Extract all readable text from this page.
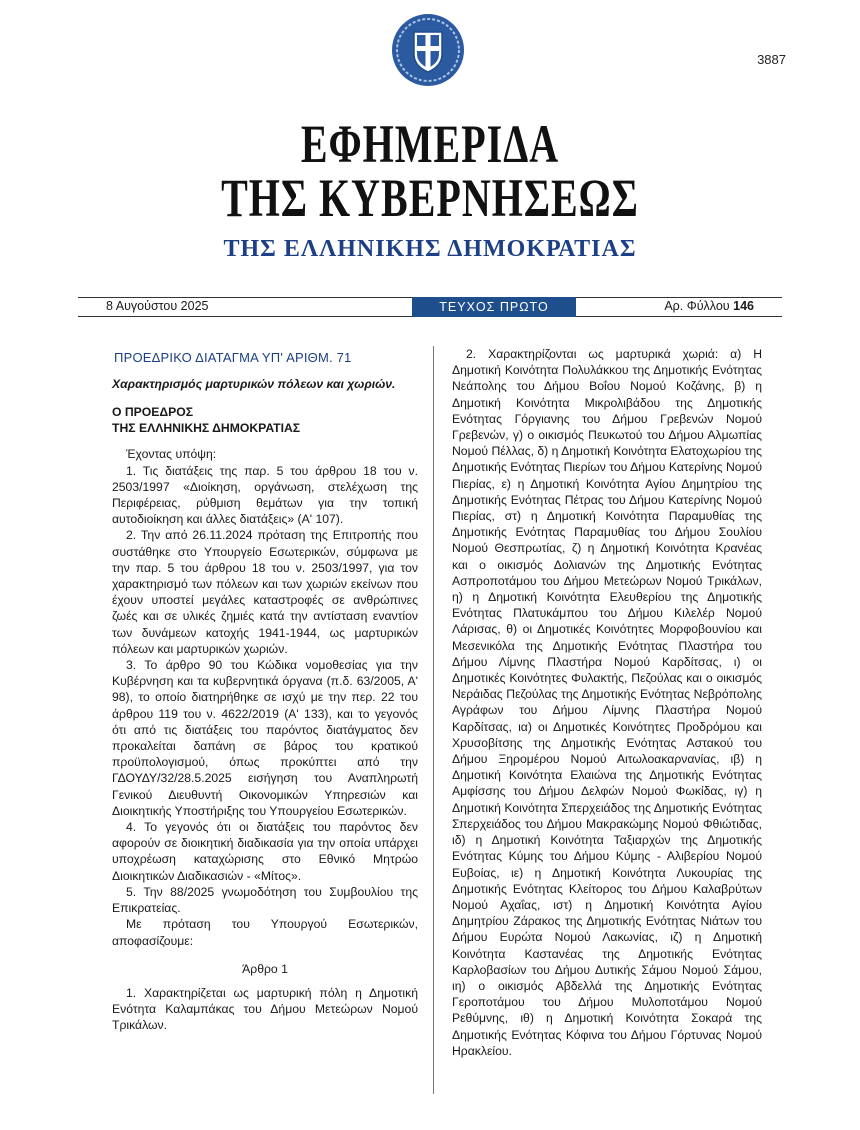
3887
ΕΦΗΜΕΡΙΔΑ
ΤΗΣ ΚΥΒΕΡΝΗΣΕΩΣ
ΤΗΣ ΕΛΛΗΝΙΚΗΣ ΔΗΜΟΚΡΑΤΙΑΣ
8 Αυγούστου 2025	ΤΕΥΧΟΣ ΠΡΩΤΟ	Αρ. Φύλλου 146
ΠΡΟΕΔΡΙΚΟ ΔΙΑΤΑΓΜΑ ΥΠ' ΑΡΙΘΜ. 71
Χαρακτηρισμός μαρτυρικών πόλεων και χωριών.
Ο ΠΡΟΕΔΡΟΣ
ΤΗΣ ΕΛΛΗΝΙΚΗΣ ΔΗΜΟΚΡΑΤΙΑΣ

Έχοντας υπόψη:

1. Τις διατάξεις της παρ. 5 του άρθρου 18 του ν. 2503/1997 «Διοίκηση, οργάνωση, στελέχωση της Περιφέρειας, ρύθμιση θεμάτων για την τοπική αυτοδιοίκηση και άλλες διατάξεις» (Α' 107).

2. Την από 26.11.2024 πρόταση της Επιτροπής που συστάθηκε στο Υπουργείο Εσωτερικών, σύμφωνα με την παρ. 5 του άρθρου 18 του ν. 2503/1997, για τον χαρακτηρισμό των πόλεων και των χωριών εκείνων που έχουν υποστεί μεγάλες καταστροφές σε ανθρώπινες ζωές και σε υλικές ζημιές κατά την αντίσταση εναντίον των δυνάμεων κατοχής 1941-1944, ως μαρτυρικών πόλεων και μαρτυρικών χωριών.

3. Το άρθρο 90 του Κώδικα νομοθεσίας για την Κυβέρνηση και τα κυβερνητικά όργανα (π.δ. 63/2005, Α' 98), το οποίο διατηρήθηκε σε ισχύ με την περ. 22 του άρθρου 119 του ν. 4622/2019 (Α' 133), και το γεγονός ότι από τις διατάξεις του παρόντος διατάγματος δεν προκαλείται δαπάνη σε βάρος του κρατικού προϋπολογισμού, όπως προκύπτει από την ΓΔΟΥΔΥ/32/28.5.2025 εισήγηση του Αναπληρωτή Γενικού Διευθυντή Οικονομικών Υπηρεσιών και Διοικητικής Υποστήριξης του Υπουργείου Εσωτερικών.

4. Το γεγονός ότι οι διατάξεις του παρόντος δεν αφορούν σε διοικητική διαδικασία για την οποία υπάρχει υποχρέωση καταχώρισης στο Εθνικό Μητρώο Διοικητικών Διαδικασιών - «Μίτος».

5. Την 88/2025 γνωμοδότηση του Συμβουλίου της Επικρατείας.

Με πρόταση του Υπουργού Εσωτερικών, αποφασίζουμε:

Άρθρο 1

1. Χαρακτηρίζεται ως μαρτυρική πόλη η Δημοτική Ενότητα Καλαμπάκας του Δήμου Μετεώρων Νομού Τρικάλων.

2. Χαρακτηρίζονται ως μαρτυρικά χωριά: α) Η Δημοτική Κοινότητα Πολυλάκκου της Δημοτικής Ενότητας Νεάπολης του Δήμου Βοΐου Νομού Κοζάνης, β) η Δημοτική Κοινότητα Μικρολιβάδου της Δημοτικής Ενότητας Γόργιανης του Δήμου Γρεβενών Νομού Γρεβενών, γ) ο οικισμός Πευκωτού του Δήμου Αλμωπίας Νομού Πέλλας, δ) η Δημοτική Κοινότητα Ελατοχωρίου της Δημοτικής Ενότητας Πιερίων του Δήμου Κατερίνης Νομού Πιερίας, ε) η Δημοτική Κοινότητα Αγίου Δημητρίου της Δημοτικής Ενότητας Πέτρας του Δήμου Κατερίνης Νομού Πιερίας, στ) η Δημοτική Κοινότητα Παραμυθίας της Δημοτικής Ενότητας Παραμυθίας του Δήμου Σουλίου Νομού Θεσπρωτίας, ζ) η Δημοτική Κοινότητα Κρανέας και ο οικισμός Δολιανών της Δημοτικής Ενότητας Ασπροποτάμου του Δήμου Μετεώρων Νομού Τρικάλων, η) η Δημοτική Κοινότητα Ελευθερίου της Δημοτικής Ενότητας Πλατυκάμπου του Δήμου Κιλελέρ Νομού Λάρισας, θ) οι Δημοτικές Κοινότητες Μορφοβουνίου και Μεσενικόλα της Δημοτικής Ενότητας Πλαστήρα του Δήμου Λίμνης Πλαστήρα Νομού Καρδίτσας, ι) οι Δημοτικές Κοινότητες Φυλακτής, Πεζούλας και ο οικισμός Νεράιδας Πεζούλας της Δημοτικής Ενότητας Νεβρόπολης Αγράφων του Δήμου Λίμνης Πλαστήρα Νομού Καρδίτσας, ια) οι Δημοτικές Κοινότητες Προδρόμου και Χρυσοβίτσης της Δημοτικής Ενότητας Αστακού του Δήμου Ξηρομέρου Νομού Αιτωλοακαρνανίας, ιβ) η Δημοτική Κοινότητα Ελαιώνα της Δημοτικής Ενότητας Αμφίσσης του Δήμου Δελφών Νομού Φωκίδας, ιγ) η Δημοτική Κοινότητα Σπερχειάδος της Δημοτικής Ενότητας Σπερχειάδος του Δήμου Μακρακώμης Νομού Φθιώτιδας, ιδ) η Δημοτική Κοινότητα Ταξιαρχών της Δημοτικής Ενότητας Κύμης του Δήμου Κύμης - Αλιβερίου Νομού Ευβοίας, ιε) η Δημοτική Κοινότητα Λυκουρίας της Δημοτικής Ενότητας Κλείτορος του Δήμου Καλαβρύτων Νομού Αχαΐας, ιστ) η Δημοτική Κοινότητα Αγίου Δημητρίου Ζάρακος της Δημοτικής Ενότητας Νιάτων του Δήμου Ευρώτα Νομού Λακωνίας, ιζ) η Δημοτική Κοινότητα Καστανέας της Δημοτικής Ενότητας Καρλοβασίων του Δήμου Δυτικής Σάμου Νομού Σάμου, ιη) ο οικισμός Αβδελλά της Δημοτικής Ενότητας Γεροποτάμου του Δήμου Μυλοποτάμου Νομού Ρεθύμνης, ιθ) η Δημοτική Κοινότητα Σοκαρά της Δημοτικής Ενότητας Κόφινα του Δήμου Γόρτυνας Νομού Ηρακλείου.
